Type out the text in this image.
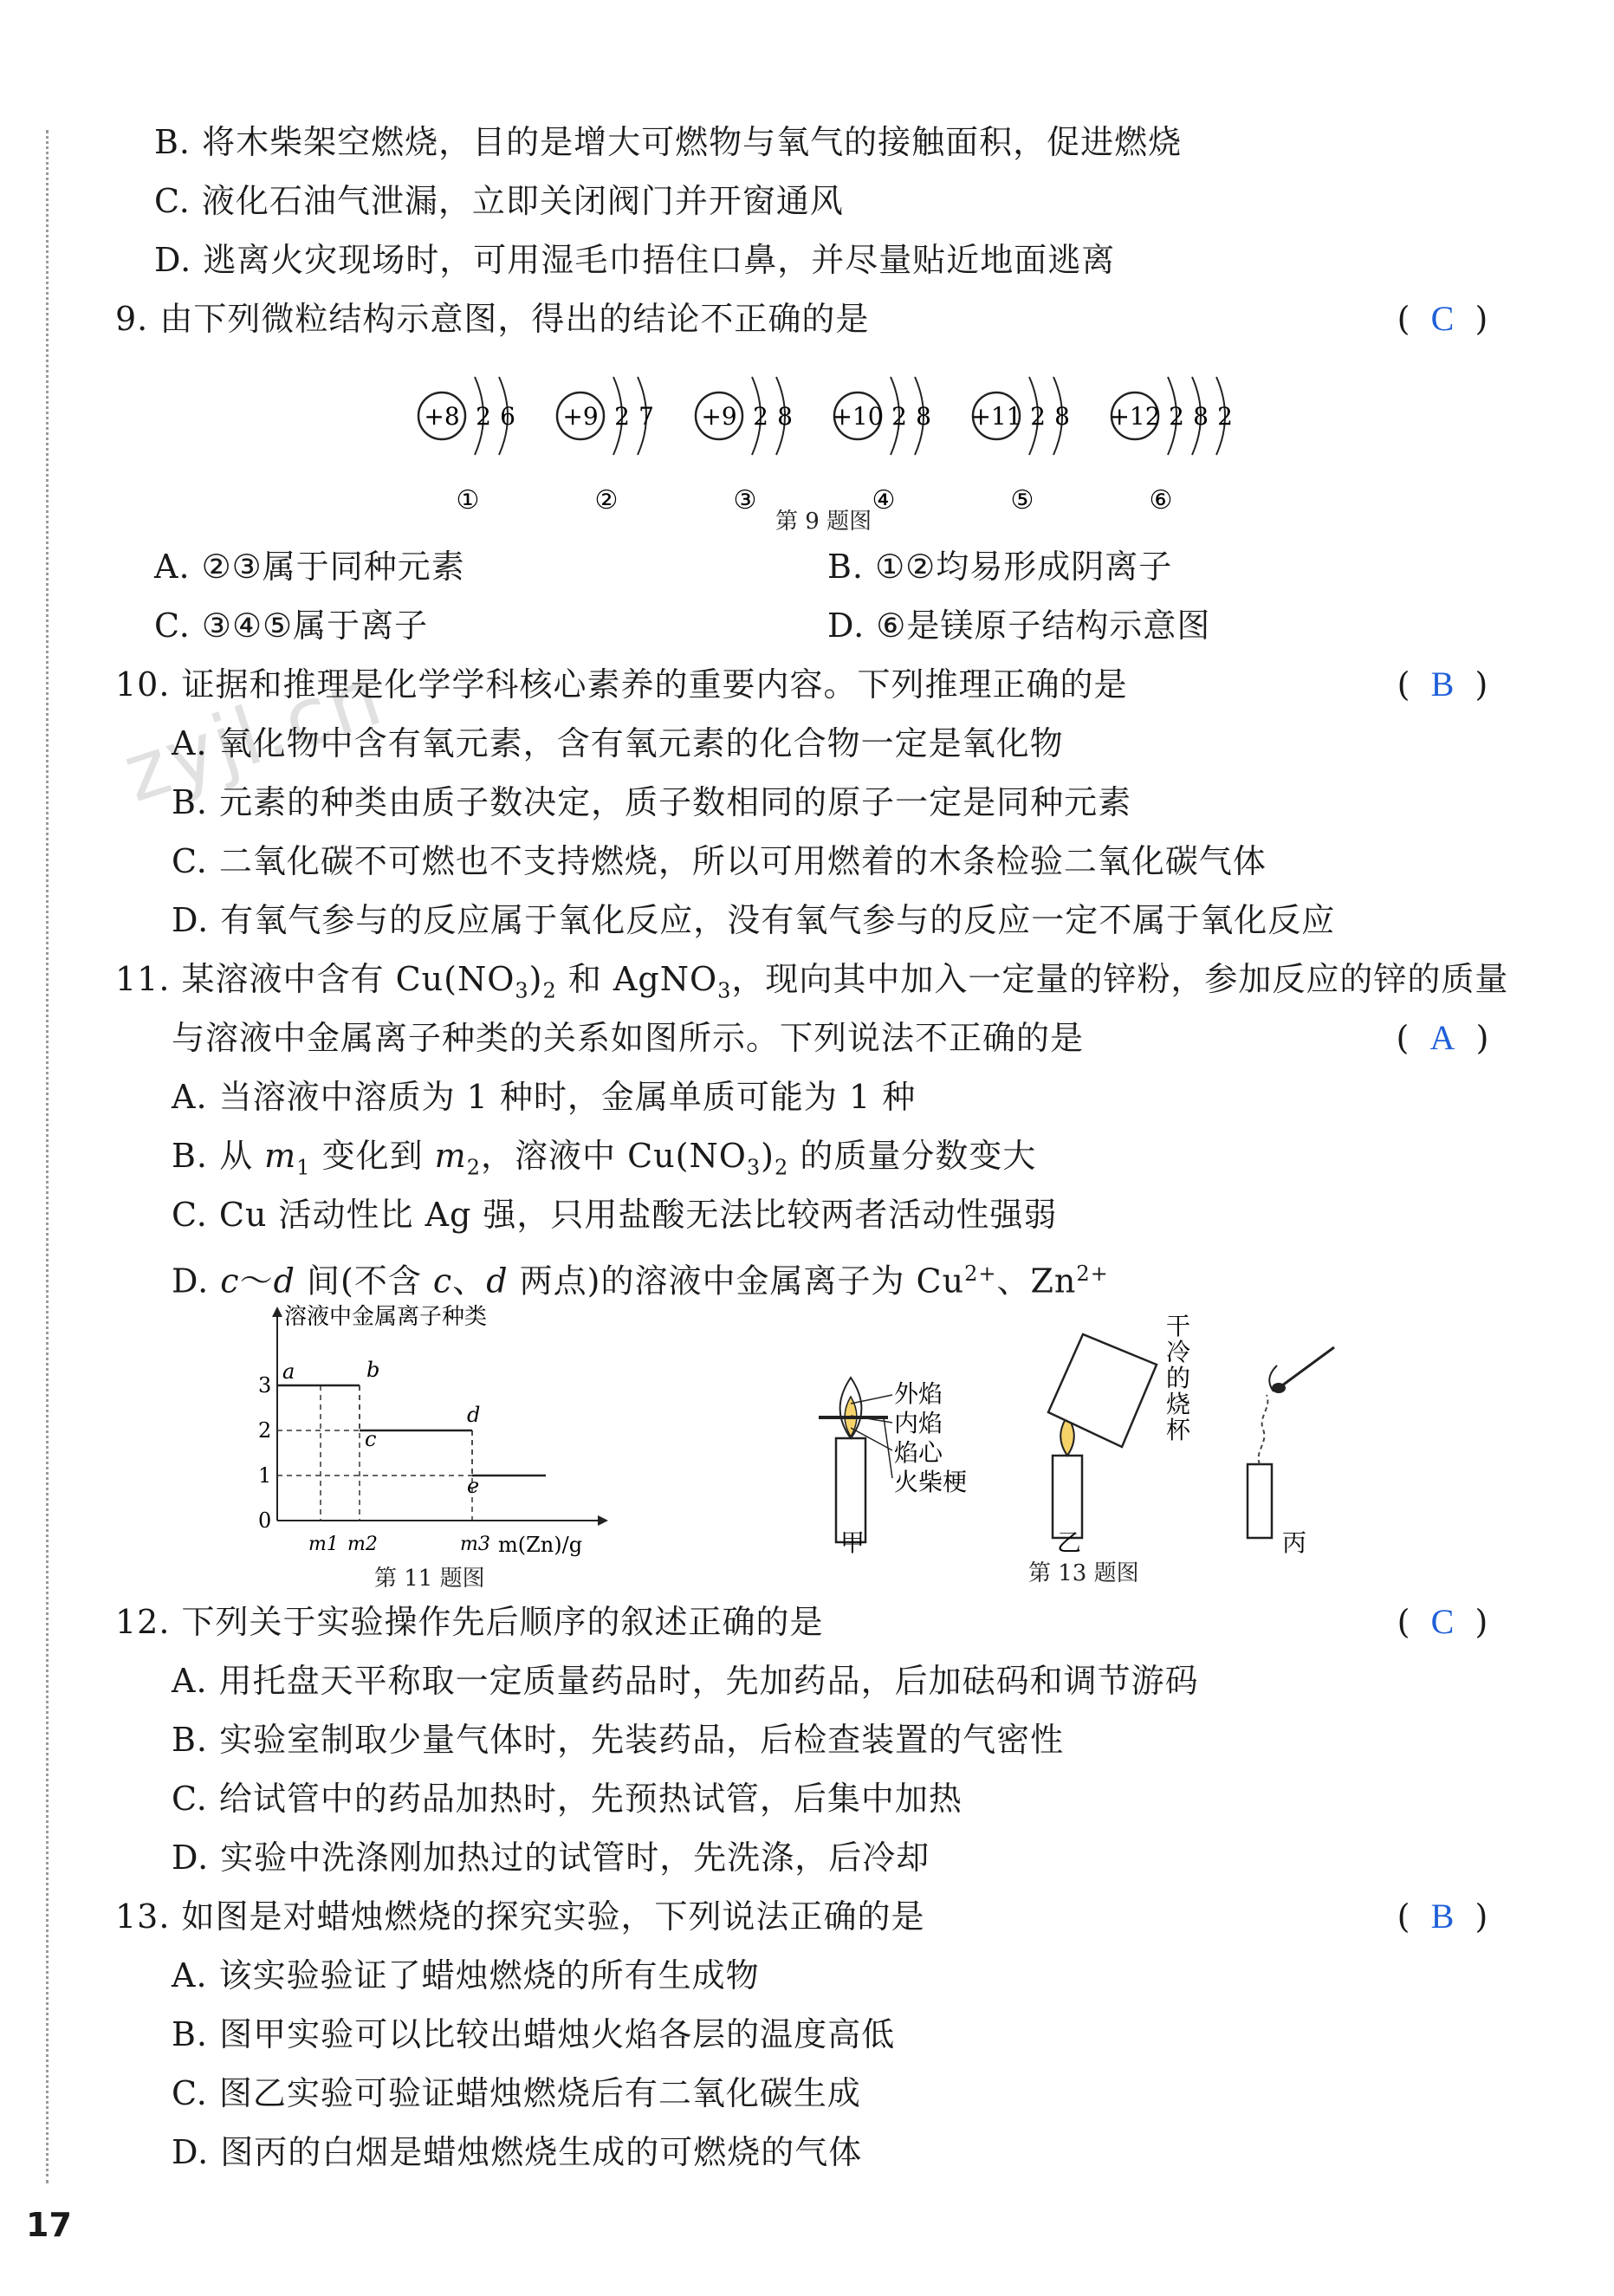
zyjl.cn
B. 将木柴架空燃烧，目的是增大可燃物与氧气的接触面积，促进燃烧
C. 液化石油气泄漏，立即关闭阀门并开窗通风
D. 逃离火灾现场时，可用湿毛巾捂住口鼻，并尽量贴近地面逃离
9. 由下列微粒结构示意图，得出的结论不正确的是	( C )
+8 2 6
①
+9 2 7
②
+9 2 8
③
+10 2 8
④
+11 2 8
⑤
+12 2 8 2
⑥
第 9 题图
A. ②③属于同种元素	B. ①②均易形成阴离子
C. ③④⑤属于离子	D. ⑥是镁原子结构示意图
10. 证据和推理是化学学科核心素养的重要内容。下列推理正确的是	( B )
A. 氧化物中含有氧元素，含有氧元素的化合物一定是氧化物
B. 元素的种类由质子数决定，质子数相同的原子一定是同种元素
C. 二氧化碳不可燃也不支持燃烧，所以可用燃着的木条检验二氧化碳气体
D. 有氧气参与的反应属于氧化反应，没有氧气参与的反应一定不属于氧化反应
11. 某溶液中含有 $Cu(NO_3)_2$ 和 AgNO$_3$，现向其中加入一定量的锌粉，参加反应的锌的质量
与溶液中金属离子种类的关系如图所示。下列说法不正确的是	( A )
A. 当溶液中溶质为 1 种时，金属单质可能为 1 种
B. 从 $m_1$ 变化到 $m_2$，溶液中 $Cu(NO_3)_2$ 的质量分数变大
C. Cu 活动性比 Ag 强，只用盐酸无法比较两者活动性强弱
D. c～d 间(不含 c、d 两点)的溶液中金属离子为 $Cu^{2+}$、$Zn^{2+}$
溶液中金属离子种类
0
1
2
3
m1 m2	m3 m(Zn)/g
a	b
c
d
e
第 11 题图
外焰
内焰
焰心
火柴梗
甲
干
冷
的
烧
杯
乙	丙
第 13 题图
12. 下列关于实验操作先后顺序的叙述正确的是	( C )
A. 用托盘天平称取一定质量药品时，先加药品，后加砝码和调节游码
B. 实验室制取少量气体时，先装药品，后检查装置的气密性
C. 给试管中的药品加热时，先预热试管，后集中加热
D. 实验中洗涤刚加热过的试管时，先洗涤，后冷却
13. 如图是对蜡烛燃烧的探究实验，下列说法正确的是	( B )
A. 该实验验证了蜡烛燃烧的所有生成物
B. 图甲实验可以比较出蜡烛火焰各层的温度高低
C. 图乙实验可验证蜡烛燃烧后有二氧化碳生成
D. 图丙的白烟是蜡烛燃烧生成的可燃烧的气体
17
